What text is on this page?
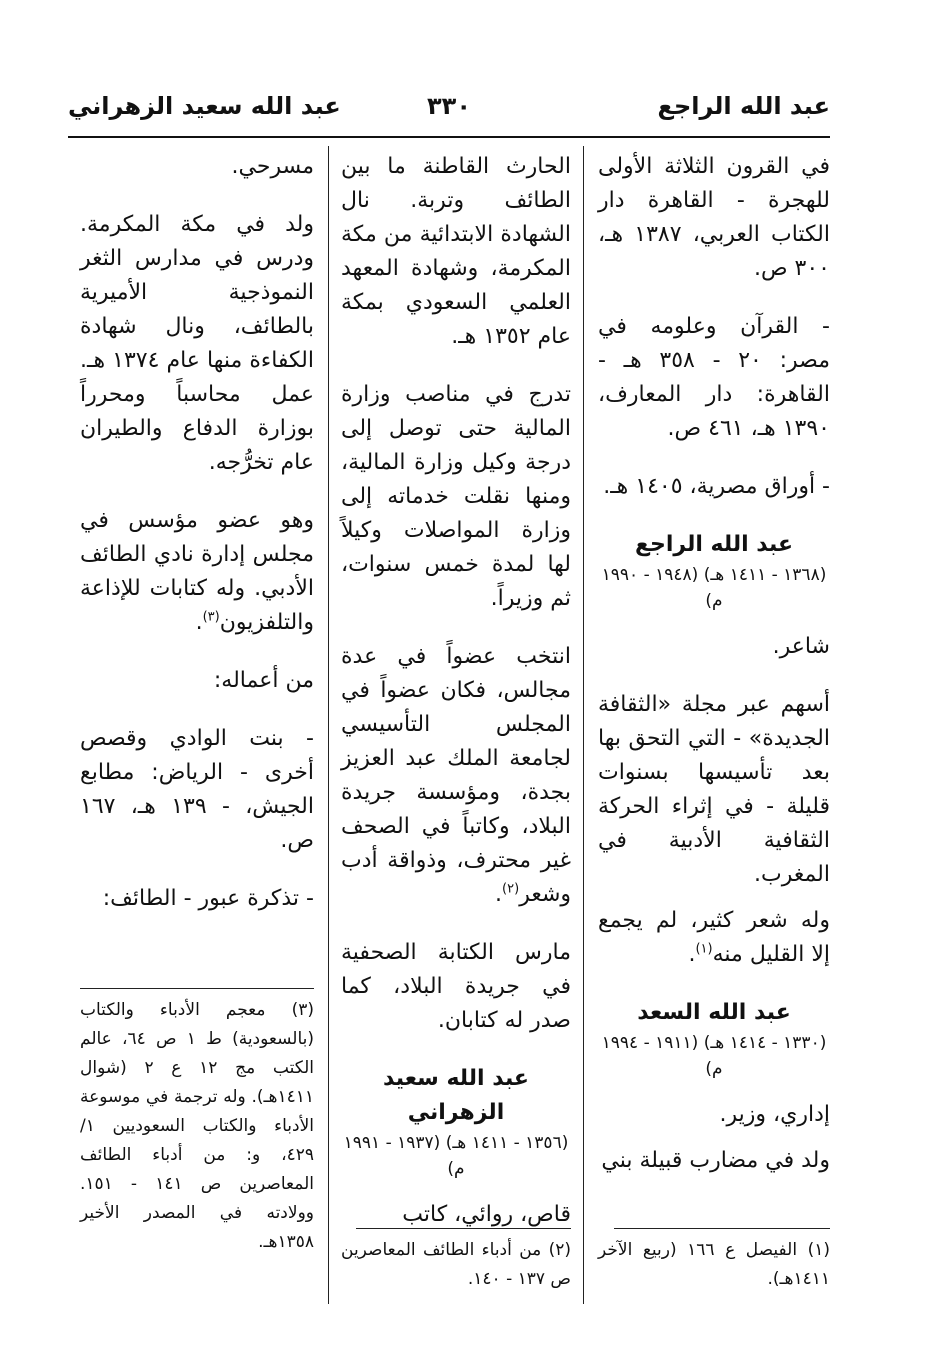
عبد الله الراجع
٣٣٠
عبد الله سعيد الزهراني

في القرون الثلاثة الأولى للهجرة - القاهرة دار الكتاب العربي، ١٣٨٧ هـ، ٣٠٠ ص.

- القرآن وعلومه في مصر: ٢٠ - ٣٥٨ هـ - القاهرة: دار المعارف، ١٣٩٠ هـ، ٤٦١ ص.

- أوراق مصرية، ١٤٠٥ هـ.

عبد الله الراجع

(١٣٦٨ - ١٤١١ هـ) (١٩٤٨ - ١٩٩٠ م)

شاعر.

أسهم عبر مجلة «الثقافة الجديدة» - التي التحق بها بعد تأسيسها بسنوات قليلة - في إثراء الحركة الثقافية الأدبية في المغرب.

وله شعر كثير، لم يجمع إلا القليل منه$^{(١)}$.

عبد الله السعد

(١٣٣٠ - ١٤١٤ هـ) (١٩١١ - ١٩٩٤ م)

إداري، وزير.

ولد في مضارب قبيلة بني

(١) الفيصل ع ١٦٦ (ربيع الآخر ١٤١١هـ).

الحارث القاطنة ما بين الطائف وتربة. نال الشهادة الابتدائية من مكة المكرمة، وشهادة المعهد العلمي السعودي بمكة عام ١٣٥٢ هـ.

تدرج في مناصب وزارة المالية حتى توصل إلى درجة وكيل وزارة المالية، ومنها نقلت خدماته إلى وزارة المواصلات وكيلاً لها لمدة خمس سنوات، ثم وزيراً.

انتخب عضواً في عدة مجالس، فكان عضواً في المجلس التأسيسي لجامعة الملك عبد العزيز بجدة، ومؤسسة جريدة البلاد، وكاتباً في الصحف غير محترف، وذواقة أدب وشعر$^{(٢)}$.

مارس الكتابة الصحفية في جريدة البلاد، كما صدر له كتابان.

عبد الله سعيد الزهراني

(١٣٥٦ - ١٤١١ هـ) (١٩٣٧ - ١٩٩١ م)

قاص، روائي، كاتب

(٢) من أدباء الطائف المعاصرين ص ١٣٧ - ١٤٠.

مسرحي.

ولد في مكة المكرمة. ودرس في مدارس الثغر النموذجية الأميرية بالطائف، ونال شهادة الكفاءة منها عام ١٣٧٤ هـ. عمل محاسباً ومحرراً بوزارة الدفاع والطيران عام تخرُّجه.

وهو عضو مؤسس في مجلس إدارة نادي الطائف الأدبي. وله كتابات للإذاعة والتلفزيون$^{(٣)}$.

من أعماله:

- بنت الوادي وقصص أخرى - الرياض: مطابع الجيش، - ١٣٩ هـ، ١٦٧ ص.

- تذكرة عبور - الطائف:

(٣) معجم الأدباء والكتاب (بالسعودية) ط ١ ص ٦٤، عالم الكتب مج ١٢ ع ٢ (شوال ١٤١١هـ). وله ترجمة في موسوعة الأدباء والكتاب السعوديين ١/ ٤٢٩، و: من أدباء الطائف المعاصرين ص ١٤١ - ١٥١. وولادته في المصدر الأخير ١٣٥٨هـ.
